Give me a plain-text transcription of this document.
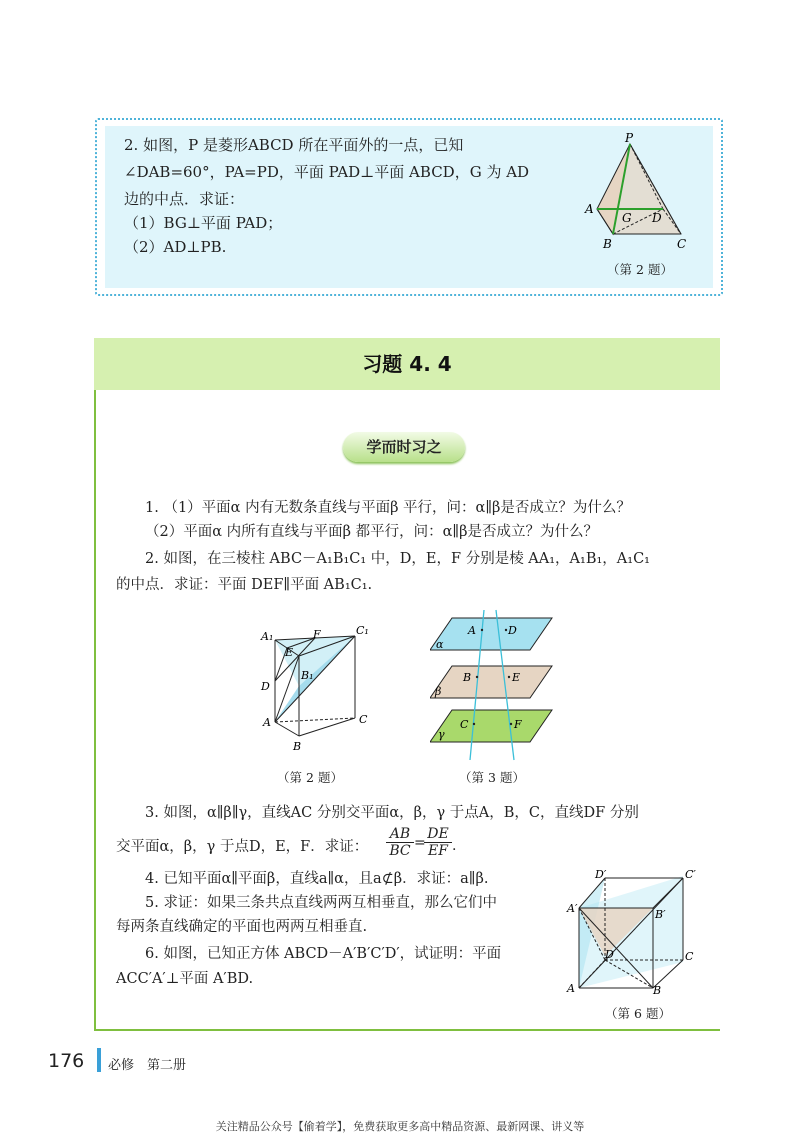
2. 如图，P 是菱形ABCD 所在平面外的一点，已知
∠DAB=60°，PA=PD，平面 PAD⊥平面 ABCD，G 为 AD
边的中点．求证：
（1）BG⊥平面 PAD；
（2）AD⊥PB.
P
A
G D
B	C
（第 2 题）
习题 4. 4
学而时习之
1. （1）平面α 内有无数条直线与平面β 平行，问：α∥β是否成立？为什么？
（2）平面α 内所有直线与平面β 都平行，问：α∥β是否成立？为什么？
2. 如图，在三棱柱 ABC－A₁B₁C₁ 中，D，E，F 分别是棱 AA₁，A₁B₁，A₁C₁
的中点．求证：平面 DEF∥平面 AB₁C₁.
A₁	F	C₁
E
B₁
D
A	C
B
（第 2 题）
A	D
α
B	E
β
C	F
γ
（第 3 题）
3. 如图，α∥β∥γ，直线AC 分别交平面α，β，γ 于点A，B，C，直线DF 分别
交平面α，β，γ 于点D，E，F．求证： $\frac{AB}{BC}$ =
$\frac{DE}{EF}$ .
4. 已知平面α∥平面β，直线a∥α，且a⊄β．求证：a∥β.
5. 求证：如果三条共点直线两两互相垂直，那么它们中
每两条直线确定的平面也两两互相垂直.
6. 如图，已知正方体 ABCD－A′B′C′D′，试证明：平面
ACC′A′⊥平面 A′BD.
D′	C′
A′	B′
D	C
A	B
（第 6 题）
176 必修　第二册
关注精品公众号【偷着学】，免费获取更多高中精品资源、最新网课、讲义等
